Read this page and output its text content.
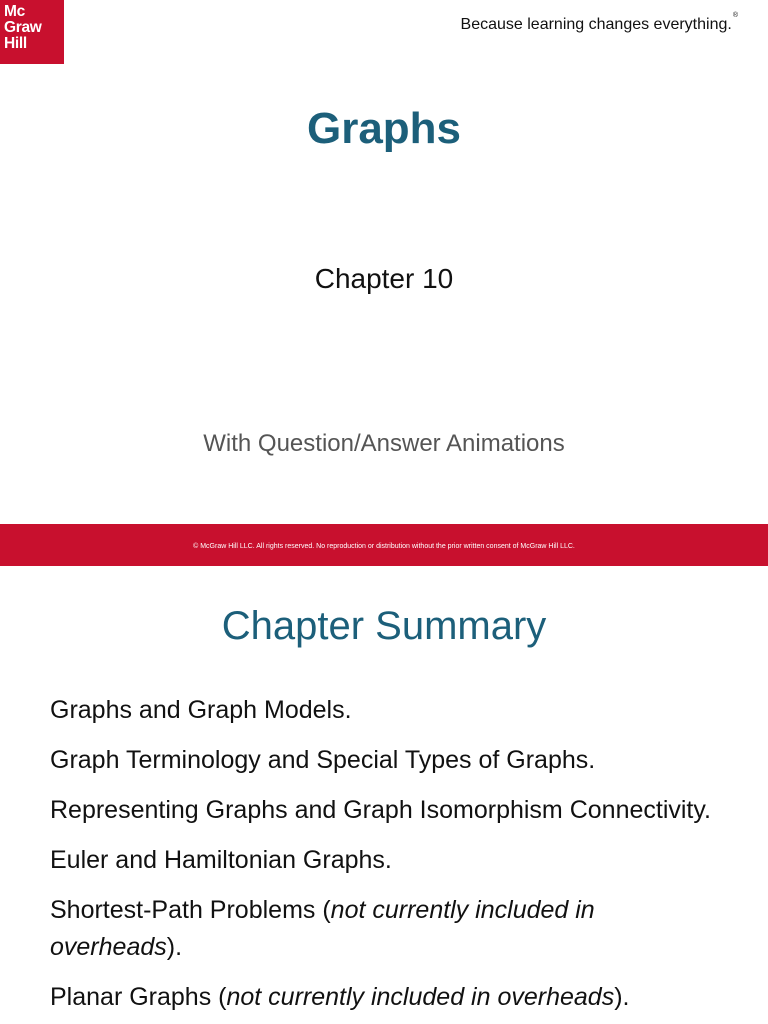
Mc
Graw
Hill
Because learning changes everything.®
Graphs
Chapter 10
With Question/Answer Animations
© McGraw Hill LLC. All rights reserved. No reproduction or distribution without the prior written consent of McGraw Hill LLC.
Chapter Summary
Graphs and Graph Models.
Graph Terminology and Special Types of Graphs.
Representing Graphs and Graph Isomorphism Connectivity.
Euler and Hamiltonian Graphs.
Shortest-Path Problems (not currently included in overheads).
Planar Graphs (not currently included in overheads).
